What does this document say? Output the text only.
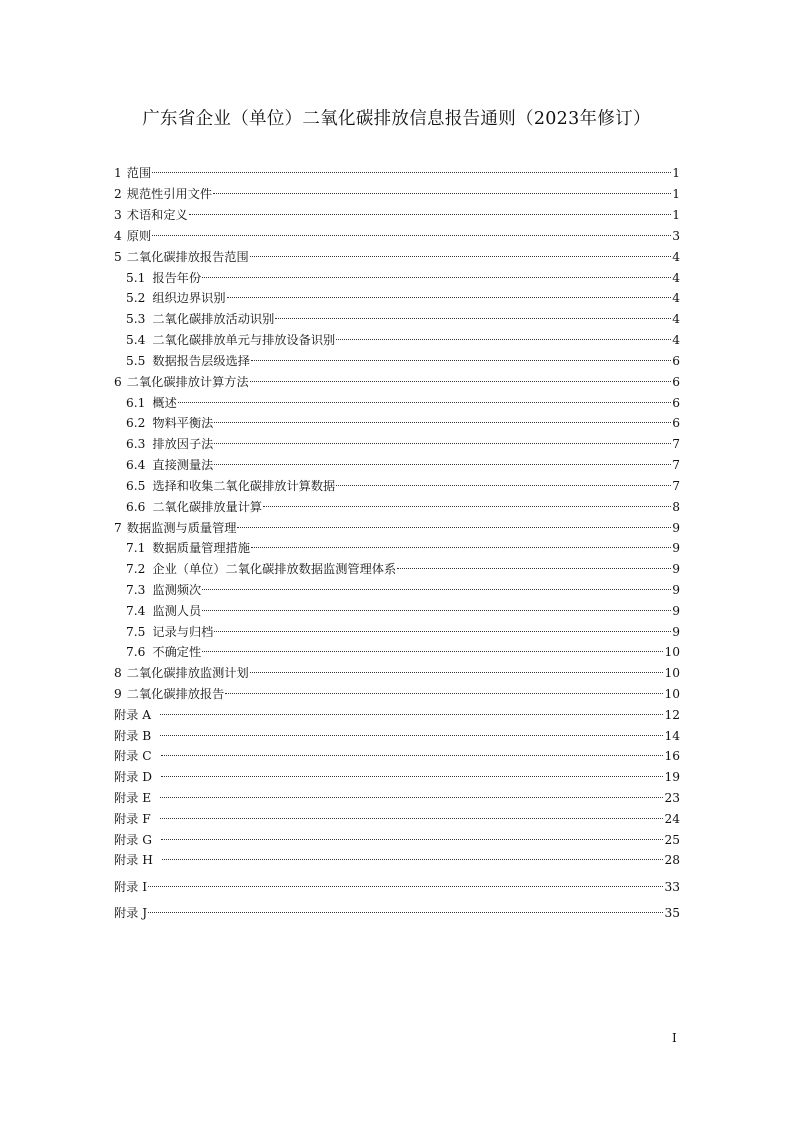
广东省企业（单位）二氧化碳排放信息报告通则（2023年修订）
1 范围	1
2 规范性引用文件	1
3 术语和定义	1
4 原则	3
5 二氧化碳排放报告范围	4
5.1 报告年份	4
5.2 组织边界识别	4
5.3 二氧化碳排放活动识别	4
5.4 二氧化碳排放单元与排放设备识别	4
5.5 数据报告层级选择	6
6 二氧化碳排放计算方法	6
6.1 概述	6
6.2 物料平衡法	6
6.3 排放因子法	7
6.4 直接测量法	7
6.5 选择和收集二氧化碳排放计算数据	7
6.6 二氧化碳排放量计算	8
7 数据监测与质量管理	9
7.1 数据质量管理措施	9
7.2 企业（单位）二氧化碳排放数据监测管理体系	9
7.3 监测频次	9
7.4 监测人员	9
7.5 记录与归档	9
7.6 不确定性	10
8 二氧化碳排放监测计划	10
9 二氧化碳排放报告	10
附录 A	12
附录 B	14
附录 C	16
附录 D	19
附录 E	23
附录 F	24
附录 G	25
附录 H	28
附录 I	33
附录 J	35
I
